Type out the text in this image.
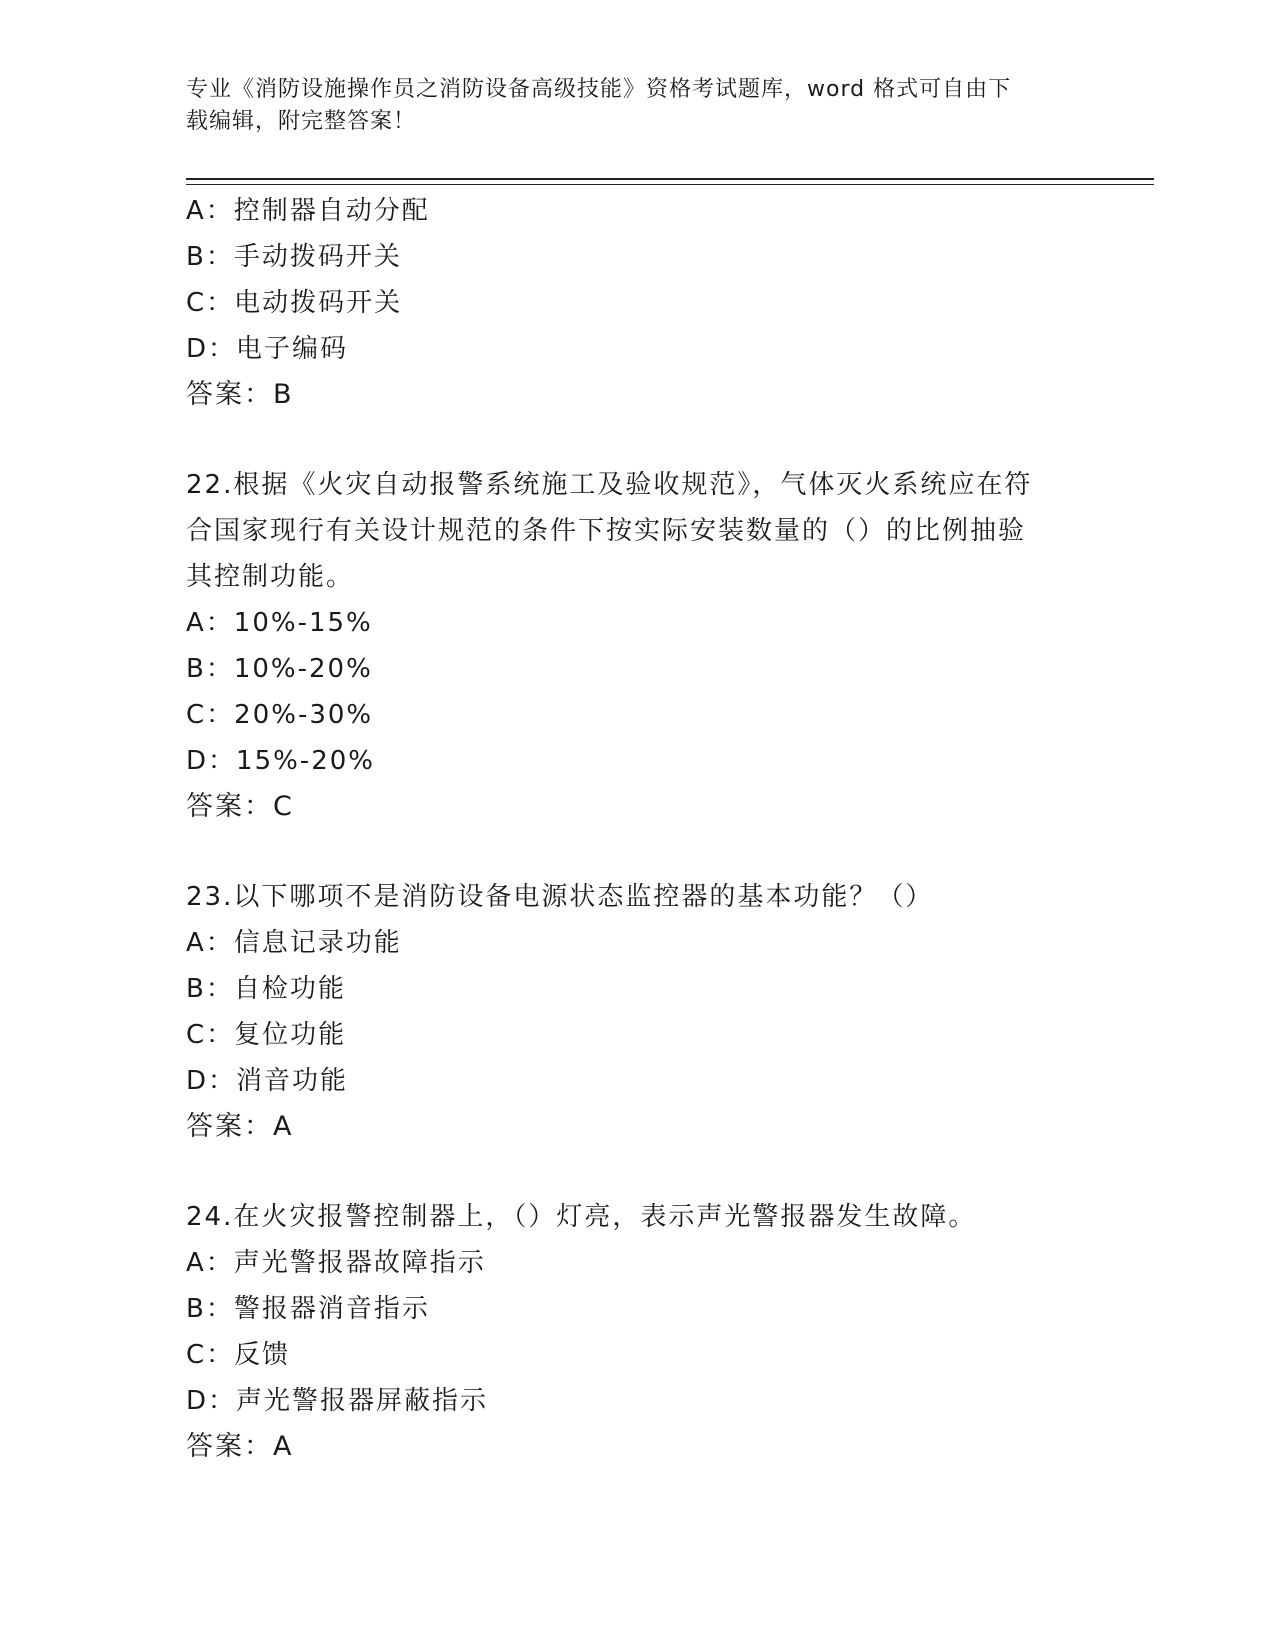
专业《消防设施操作员之消防设备高级技能》资格考试题库，word 格式可自由下
载编辑，附完整答案！
A：控制器自动分配
B：手动拨码开关
C：电动拨码开关
D：电子编码
答案：B
22.根据《火灾自动报警系统施工及验收规范》，气体灭火系统应在符
合国家现行有关设计规范的条件下按实际安装数量的（）的比例抽验
其控制功能。
A：10%-15%
B：10%-20%
C：20%-30%
D：15%-20%
答案：C
23.以下哪项不是消防设备电源状态监控器的基本功能？（）
A：信息记录功能
B：自检功能
C：复位功能
D：消音功能
答案：A
24.在火灾报警控制器上，（）灯亮，表示声光警报器发生故障。
A：声光警报器故障指示
B：警报器消音指示
C：反馈
D：声光警报器屏蔽指示
答案：A
